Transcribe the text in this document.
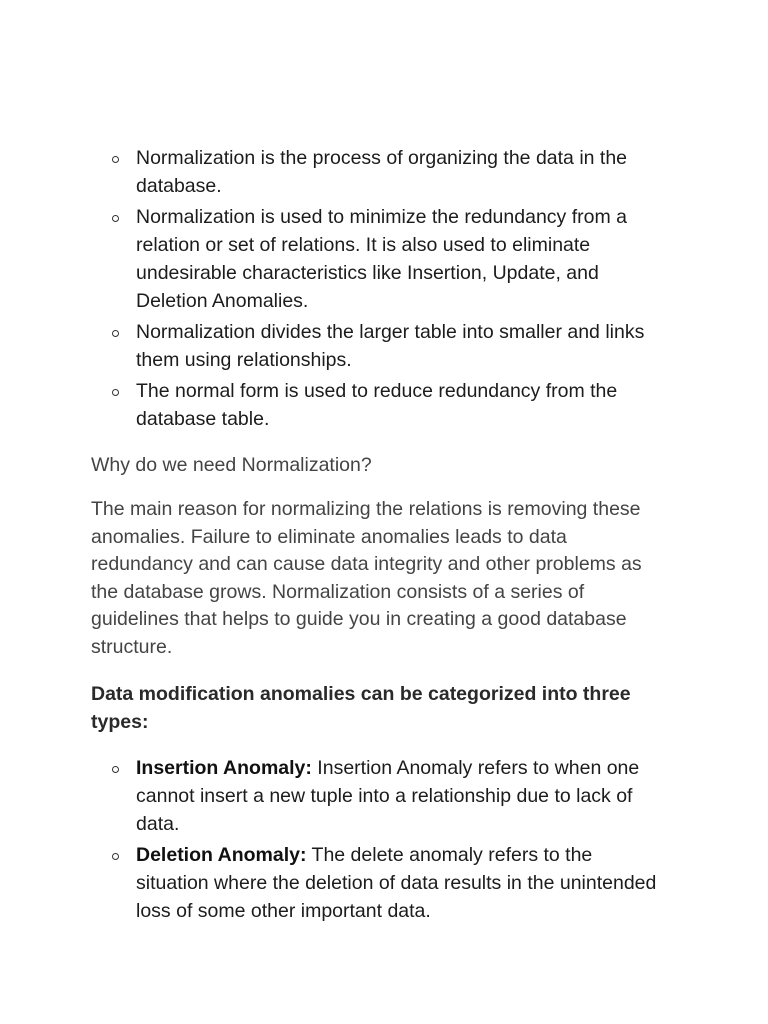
Normalization is the process of organizing the data in the database.
Normalization is used to minimize the redundancy from a relation or set of relations. It is also used to eliminate undesirable characteristics like Insertion, Update, and Deletion Anomalies.
Normalization divides the larger table into smaller and links them using relationships.
The normal form is used to reduce redundancy from the database table.

Why do we need Normalization?

The main reason for normalizing the relations is removing these anomalies. Failure to eliminate anomalies leads to data redundancy and can cause data integrity and other problems as the database grows. Normalization consists of a series of guidelines that helps to guide you in creating a good database structure.

Data modification anomalies can be categorized into three types:

Insertion Anomaly: Insertion Anomaly refers to when one cannot insert a new tuple into a relationship due to lack of data.
Deletion Anomaly: The delete anomaly refers to the situation where the deletion of data results in the unintended loss of some other important data.
